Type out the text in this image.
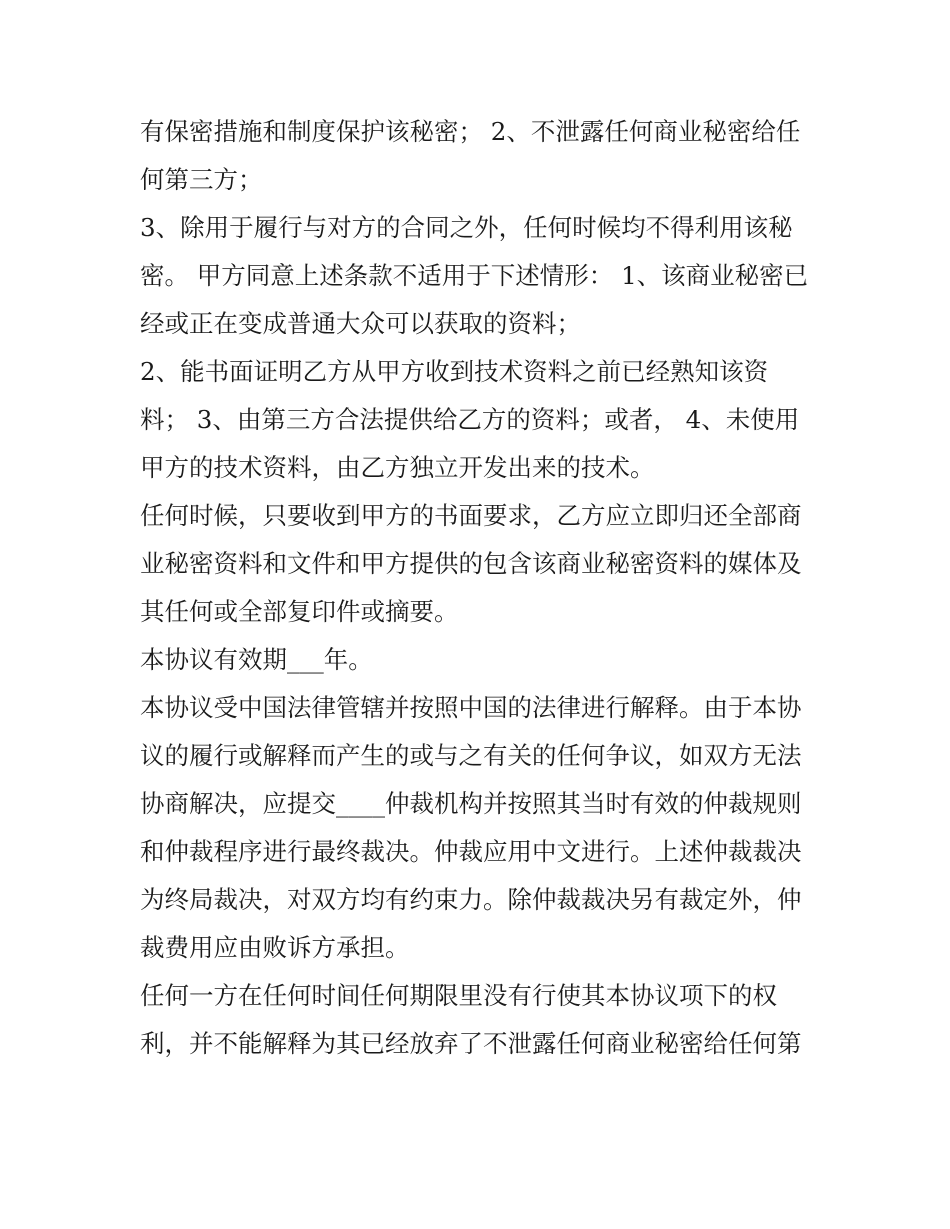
有保密措施和制度保护该秘密； 2、不泄露任何商业秘密给任
何第三方；
3、除用于履行与对方的合同之外，任何时候均不得利用该秘
密。 甲方同意上述条款不适用于下述情形： 1、该商业秘密已
经或正在变成普通大众可以获取的资料；
2、能书面证明乙方从甲方收到技术资料之前已经熟知该资
料； 3、由第三方合法提供给乙方的资料；或者， 4、未使用
甲方的技术资料，由乙方独立开发出来的技术。
任何时候，只要收到甲方的书面要求，乙方应立即归还全部商
业秘密资料和文件和甲方提供的包含该商业秘密资料的媒体及
其任何或全部复印件或摘要。
本协议有效期___年。
本协议受中国法律管辖并按照中国的法律进行解释。由于本协
议的履行或解释而产生的或与之有关的任何争议，如双方无法
协商解决，应提交____仲裁机构并按照其当时有效的仲裁规则
和仲裁程序进行最终裁决。仲裁应用中文进行。上述仲裁裁决
为终局裁决，对双方均有约束力。除仲裁裁决另有裁定外，仲
裁费用应由败诉方承担。
任何一方在任何时间任何期限里没有行使其本协议项下的权
利，并不能解释为其已经放弃了不泄露任何商业秘密给任何第
